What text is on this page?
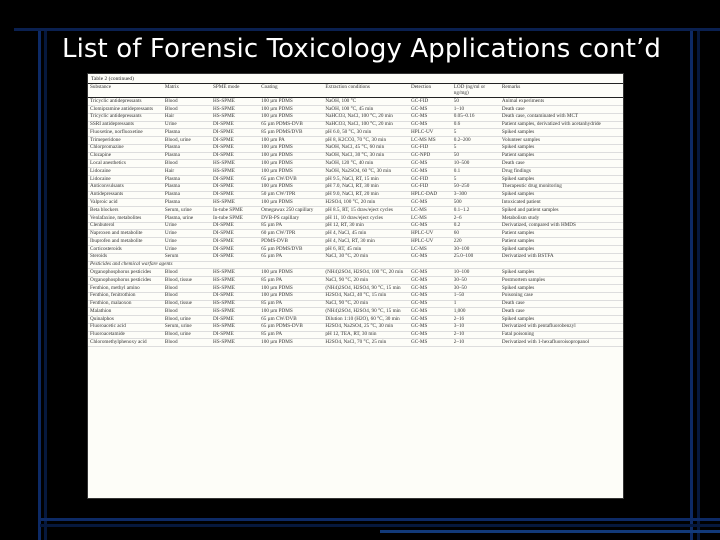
List of Forensic Toxicology Applications cont’d
Table 2 (continued)
Substance	Matrix	SPME mode	Coating	Extraction conditions	Detection	LOD (ng/ml or ng/mg)	Remarks
Tricyclic antidepressants	Blood	HS-SPME	100 µm PDMS	NaOH, 100 °C	GC-FID	50	Animal experiments
Clomipramine antidepressants	Blood	HS-SPME	100 µm PDMS	NaOH, 100 °C, 45 min	GC-MS	1–10	Death case
Tricyclic antidepressants	Hair	HS-SPME	100 µm PDMS	NaHCO3, NaCl, 100 °C, 20 min	GC-MS	0.05–0.16	Death case, contaminated with MCT
SSRI antidepressants	Urine	DI-SPME	65 µm PDMS-DVB	NaHCO3, NaCl, 100 °C, 20 min	GC-MS	0.6	Patient samples, derivatized with acetanhydride
Fluoxetine, norfluoxetine	Plasma	DI-SPME	85 µm PDMS/DVB	pH 6.0, 50 °C, 30 min	HPLC-UV	5	Spiked samples
Trimeperidone	Blood, urine	DI-SPME	100 µm PA	pH 8, K2CO3, 70 °C, 30 min	LC-MS MS	0.2–200	Volunteer samples
Chlorpromazine	Plasma	DI-SPME	100 µm PDMS	NaOH, NaCl, 45 °C, 60 min	GC-FID	5	Spiked samples
Clozapine	Plasma	DI-SPME	100 µm PDMS	NaOH, NaCl, 30 °C, 30 min	GC-NPD	50	Patient samples
Local anesthetics	Blood	HS-SPME	100 µm PDMS	NaOH, 120 °C, 40 min	GC-MS	10–500	Death case
Lidocaine	Hair	HS-SPME	100 µm PDMS	NaOH, Na2SO4, 60 °C, 30 min	GC-MS	0.1	Drug findings
Lidocaine	Plasma	DI-SPME	65 µm CW/DVB	pH 9.5, NaCl, RT, 15 min	GC-FID	5	Spiked samples
Anticonvulsants	Plasma	DI-SPME	100 µm PDMS	pH 7.0, NaCl, RT, 30 min	GC-FID	50–250	Therapeutic drug monitoring
Antidepressants	Plasma	DI-SPME	50 µm CW/TPR	pH 9.0, NaCl, RT, 20 min	HPLC-DAD	3–300	Spiked samples
Valproic acid	Plasma	HS-SPME	100 µm PDMS	H2SO4, 100 °C, 20 min	GC-MS	500	Intoxicated patient
Beta blockers	Serum, urine	In-tube SPME	Omegawax 250 capillary	pH 8.5, RT, 15 draw/eject cycles	LC-MS	0.1–1.2	Spiked and patient samples
Venlafaxine, metabolites	Plasma, urine	In-tube SPME	DVB-PS capillary	pH 11, 10 draw/eject cycles	LC-MS	2–6	Metabolism study
Clenbuterol	Urine	DI-SPME	85 µm PA	pH 12, RT, 30 min	GC-MS	0.2	Derivatized, compared with HMDS
Naproxen and metabolite	Urine	DI-SPME	60 µm CW/TPR	pH 4, NaCl, 45 min	HPLC-UV	60	Patient samples
Ibuprofen and metabolite	Urine	DI-SPME	PDMS-DVB	pH 4, NaCl, RT, 30 min	HPLC-UV	220	Patient samples
Corticosteroids	Urine	DI-SPME	65 µm PDMS/DVB	pH 6, RT, 45 min	LC-MS	30–100	Spiked samples
Steroids	Serum	DI-SPME	65 µm PA	NaCl, 30 °C, 20 min	GC-MS	25.0–100	Derivatized with BSTFA
Pesticides and chemical warfare agents							
Organophosphorus pesticides	Blood	HS-SPME	100 µm PDMS	(NH4)2SO4, H2SO4, 100 °C, 20 min	GC-MS	10–100	Spiked samples
Organophosphorus pesticides	Blood, tissue	HS-SPME	85 µm PA	NaCl, 90 °C, 20 min	GC-MS	30–50	Postmortem samples
Fenthion, methyl amino	Blood	HS-SPME	100 µm PDMS	(NH4)2SO4, H2SO4, 90 °C, 15 min	GC-MS	30–50	Spiked samples
Fenthion, fenitrothion	Blood	DI-SPME	100 µm PDMS	H2SO4, NaCl, 40 °C, 15 min	GC-MS	1–50	Poisoning case
Fenthion, malaoxon	Blood, tissue	HS-SPME	85 µm PA	NaCl, 90 °C, 20 min	GC-MS	1	Death case
Malathion	Blood	HS-SPME	100 µm PDMS	(NH4)2SO4, H2SO4, 90 °C, 15 min	GC-MS	1,000	Death case
Quinalphos	Blood, urine	DI-SPME	65 µm CW/DVB	Dilution 1:10 (H2O), 60 °C, 30 min	GC-MS	2–16	Spiked samples
Fluoroacetic acid	Serum, urine	HS-SPME	65 µm PDMS-DVB	H2SO4, Na2SO4, 25 °C, 30 min	GC-MS	3–10	Derivatized with pentafluorobenzyl
Fluoroacetamide	Blood, urine	DI-SPME	85 µm PA	pH 12, TEA, RT, 30 min	GC-MS	2–10	Fatal poisoning
Chloromethylphenoxy acid	Blood	HS-SPME	100 µm PDMS	H2SO4, NaCl, 70 °C, 25 min	GC-MS	2–10	Derivatized with 1-hexafluoroisopropanol
